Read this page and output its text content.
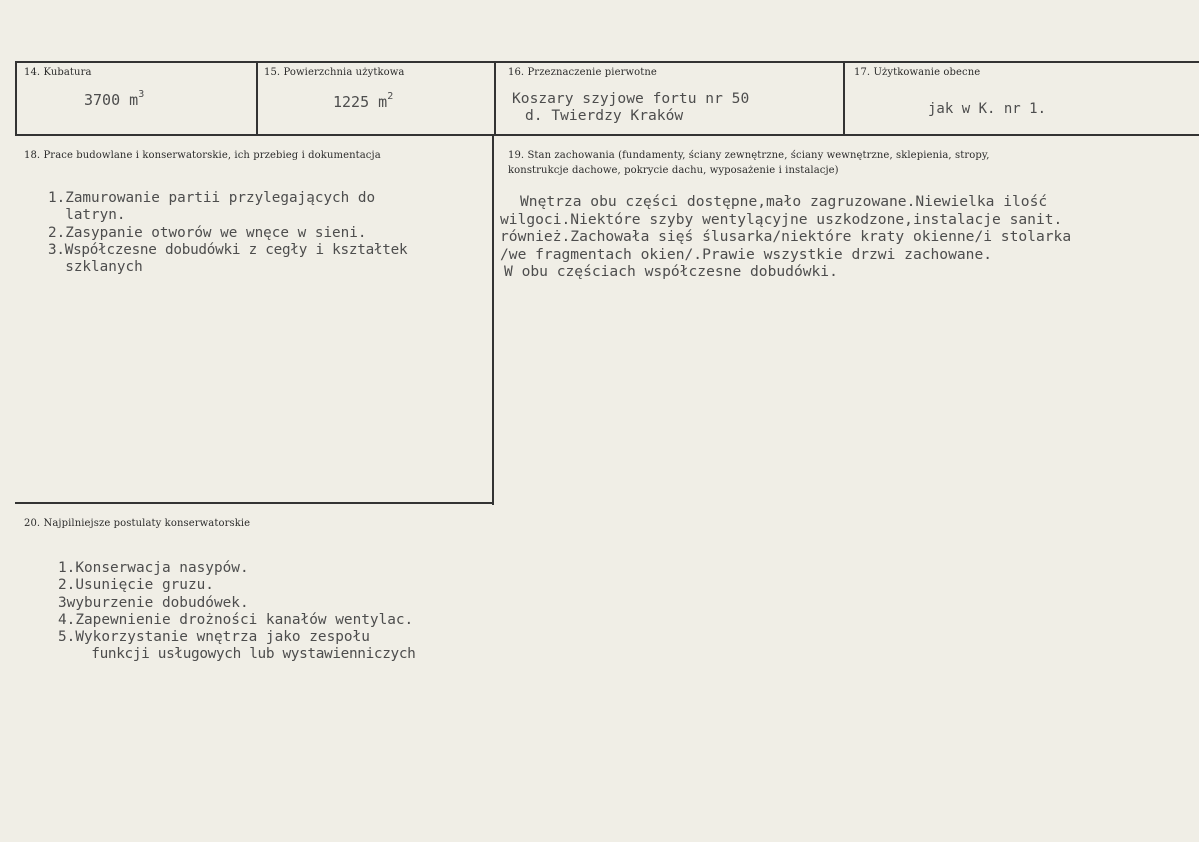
14. Kubatura
3700 $m^3$
15. Powierzchnia użytkowa
1225 $m^2$
16. Przeznaczenie pierwotne
Koszary szyjowe fortu nr 50
d. Twierdzy Kraków
17. Użytkowanie obecne
jak w K. nr 1.
18. Prace budowlane i konserwatorskie, ich przebieg i dokumentacja
1.Zamurowanie partii przylegających do
latryn.
2.Zasypanie otworów we wnęce w sieni.
3.Współczesne dobudówki z cegły i kształtek
szklanych
19. Stan zachowania (fundamenty, ściany zewnętrzne, ściany wewnętrzne, sklepienia, stropy,
konstrukcje dachowe, pokrycie dachu, wyposażenie i instalacje)
Wnętrza obu części dostępne,mało zagruzowane.Niewielka ilość
wilgoci.Niektóre szyby wentylącyjne uszkodzone,instalacje sanit.
również.Zachowała sięś ślusarka/niektóre kraty okienne/i stolarka
/we fragmentach okien/.Prawie wszystkie drzwi zachowane.
W obu częściach współczesne dobudówki.
20. Najpilniejsze postulaty konserwatorskie
1.Konserwacja nasypów.
2.Usunięcie gruzu.
3wyburzenie dobudówek.
4.Zapewnienie drożności kanałów wentylac.
5.Wykorzystanie wnętrza jako zespołu
funkcji usługowych lub wystawienniczych
